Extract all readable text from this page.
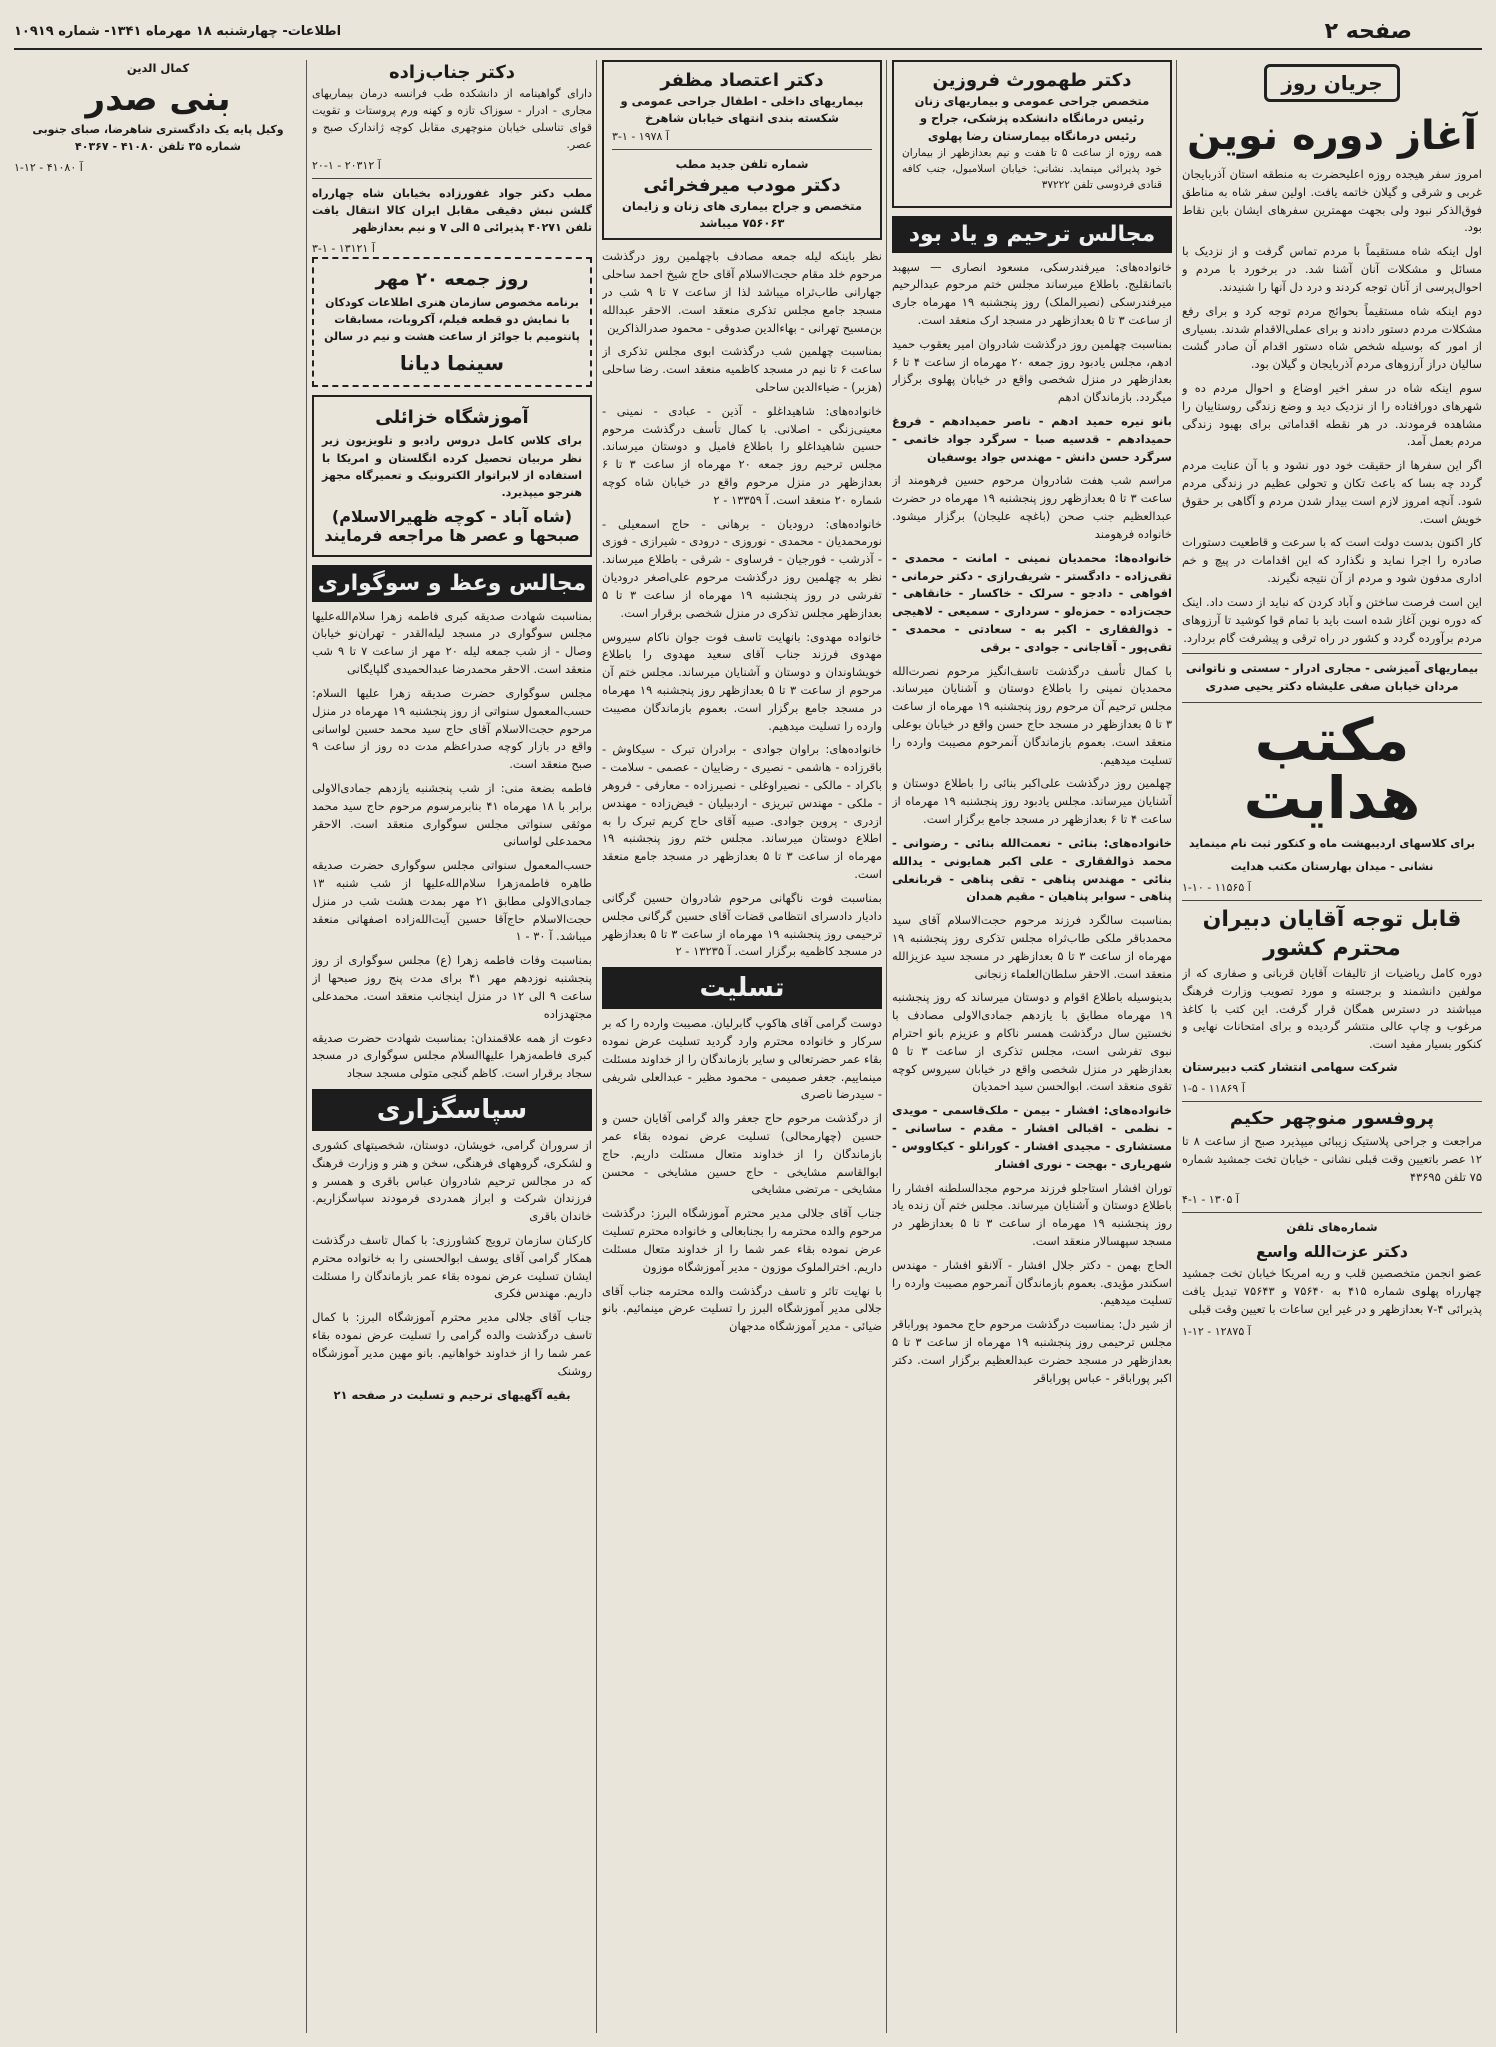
صفحه ۲
اطلاعات- چهارشنبه ۱۸ مهرماه ۱۳۴۱- شماره ۱۰۹۱۹
جریان روز
آغاز دوره نوین

امروز سفر هیجده روزه اعلیحضرت به منطقه استان آذربایجان غربی و شرقی و گیلان خاتمه یافت. اولین سفر شاه به مناطق فوق‌الذکر نبود ولی بجهت مهمترین سفرهای ایشان باین نقاط بود.

اول اینکه شاه مستقیماً با مردم تماس گرفت و از نزدیک با مسائل و مشکلات آنان آشنا شد. در برخورد با مردم و احوال‌پرسی از آنان توجه کردند و درد دل آنها را شنیدند.

دوم اینکه شاه مستقیماً بحوائج مردم توجه کرد و برای رفع مشکلات مردم دستور دادند و برای عملی‌الاقدام شدند. بسیاری از امور که بوسیله شخص شاه دستور اقدام آن صادر گشت سالیان دراز آرزوهای مردم آذربایجان و گیلان بود.

سوم اینکه شاه در سفر اخیر اوضاع و احوال مردم ده و شهرهای دورافتاده را از نزدیک دید و وضع زندگی روستاییان را مشاهده فرمودند. در هر نقطه اقداماتی برای بهبود زندگی مردم بعمل آمد.

اگر این سفرها از حقیقت خود دور نشود و با آن عنایت مردم گردد چه بسا که باعث تکان و تحولی عظیم در زندگی مردم شود. آنچه امروز لازم است بیدار شدن مردم و آگاهی بر حقوق خویش است.

کار اکنون بدست دولت است که با سرعت و قاطعیت دستورات صادره را اجرا نماید و نگذارد که این اقدامات در پیچ و خم اداری مدفون شود و مردم از آن نتیجه نگیرند.

این است فرصت ساختن و آباد کردن که نباید از دست داد. اینک که دوره نوین آغاز شده است باید با تمام قوا کوشید تا آرزوهای مردم برآورده گردد و کشور در راه ترقی و پیشرفت گام بردارد.

بیماریهای آمیزشی - مجاری ادرار - سستی و ناتوانی مردان خیابان صفی علیشاه دکتر یحیی صدری

مکتب هدایت

برای کلاسهای اردیبهشت ماه و کنکور ثبت نام مینماید

نشانی - میدان بهارستان مکتب هدایت

آ ۱۱۵۶۵ - ۱۰-۱
قابل توجه آقایان دبیران
محترم کشور

دوره کامل ریاضیات از تالیفات آقایان قربانی و صفاری که از مولفین دانشمند و برجسته و مورد تصویب وزارت فرهنگ میباشند در دسترس همگان قرار گرفت. این کتب با کاغذ مرغوب و چاپ عالی منتشر گردیده و برای امتحانات نهایی و کنکور بسیار مفید است.

شرکت سهامی انتشار کتب دبیرستان
آ ۱۱۸۶۹ - ۵-۱
پروفسور منوچهر حکیم

مراجعت و جراحی پلاستیک زیبائی میپذیرد صبح از ساعت ۸ تا ۱۲ عصر باتعیین وقت قبلی نشانی - خیابان تخت جمشید شماره ۷۵ تلفن ۴۳۶۹۵

آ ۱۳۰۵ - ۱-۴

شماره‌های تلفن

دکتر عزت‌الله واسع

عضو انجمن متخصصین قلب و ریه امریکا خیابان تخت جمشید چهارراه پهلوی شماره ۴۱۵ به ۷۵۶۴۰ و ۷۵۶۴۳ تبدیل یافت پذیرائی ۴-۷ بعدازظهر و در غیر این ساعات با تعیین وقت قبلی

آ ۱۲۸۷۵ - ۱۲-۱
دکتر طهمورث فروزین
متخصص جراحی عمومی و بیماریهای زنان رئیس درمانگاه دانشکده پزشکی، جراح و رئیس درمانگاه بیمارستان رضا پهلوی

همه روزه از ساعت ۵ تا هفت و نیم بعدازظهر از بیماران خود پذیرائی مینماید. نشانی: خیابان اسلامبول، جنب کافه قنادی فردوسی تلفن ۳۷۲۲۲

مجالس ترحیم و یاد بود

خانواده‌های: میرفندرسکی، مسعود انصاری — سپهبد باتمانقلیج. باطلاع میرساند مجلس ختم مرحوم عبدالرحیم میرفندرسکی (نصیرالملک) روز پنجشنبه ۱۹ مهرماه جاری از ساعت ۳ تا ۵ بعدازظهر در مسجد ارک منعقد است.

بمناسبت چهلمین روز درگذشت شادروان امیر یعقوب حمید ادهم، مجلس یادبود روز جمعه ۲۰ مهرماه از ساعت ۴ تا ۶ بعدازظهر در منزل شخصی واقع در خیابان پهلوی برگزار میگردد. بازماندگان ادهم

بانو نیره حمید ادهم - ناصر حمیدادهم - فروغ حمیدادهم - قدسیه صبا - سرگرد جواد خاتمی - سرگرد حسن دانش - مهندس جواد یوسفیان

مراسم شب هفت شادروان مرحوم حسین فرهومند از ساعت ۳ تا ۵ بعدازظهر روز پنجشنبه ۱۹ مهرماه در حضرت عبدالعظیم جنب صحن (باغچه علیجان) برگزار میشود. خانواده فرهومند

خانواده‌ها: محمدیان نمینی - امانت - محمدی - تقی‌زاده - دادگستر - شریف‌رازی - دکتر حرمانی - افواهی - دادجو - سرلک - خاکسار - خانقاهی - حجت‌زاده - حمزه‌لو - سرداری - سمیعی - لاهیجی - ذوالفقاری - اکبر به - سعادتی - محمدی - تقی‌پور - آقاجانی - جوادی - برقی

با کمال تأسف درگذشت تاسف‌انگیز مرحوم نصرت‌الله محمدیان نمینی را باطلاع دوستان و آشنایان میرساند. مجلس ترحیم آن مرحوم روز پنجشنبه ۱۹ مهرماه از ساعت ۳ تا ۵ بعدازظهر در مسجد حاج حسن واقع در خیابان بوعلی منعقد است. بعموم بازماندگان آنمرحوم مصیبت وارده را تسلیت میدهیم.

چهلمین روز درگذشت علی‌اکبر بنائی را باطلاع دوستان و آشنایان میرساند. مجلس یادبود روز پنجشنبه ۱۹ مهرماه از ساعت ۴ تا ۶ بعدازظهر در مسجد جامع برگزار است.

خانواده‌های: بنائی - نعمت‌الله بنائی - رضوانی - محمد ذوالفقاری - علی اکبر همایونی - یدالله بنائی - مهندس پناهی - تقی پناهی - قربانعلی پناهی - سوابر پناهیان - مقیم همدان

بمناسبت سالگرد فرزند مرحوم حجت‌الاسلام آقای سید محمدباقر ملکی طاب‌ثراه مجلس تذکری روز پنجشنبه ۱۹ مهرماه از ساعت ۳ تا ۵ بعدازظهر در مسجد سید عزیزالله منعقد است. الاحقر سلطان‌العلماء زنجانی

بدینوسیله باطلاع اقوام و دوستان میرساند که روز پنجشنبه ۱۹ مهرماه مطابق با یازدهم جمادی‌الاولی مصادف با نخستین سال درگذشت همسر ناکام و عزیزم بانو احترام نبوی تفرشی است، مجلس تذکری از ساعت ۳ تا ۵ بعدازظهر در منزل شخصی واقع در خیابان سیروس کوچه تقوی منعقد است. ابوالحسن سید احمدیان

خانواده‌های: افشار - بیمن - ملک‌قاسمی - مویدی - نظمی - اقبالی افشار - مقدم - ساسانی - مستشاری - مجیدی افشار - کورانلو - کیکاووس - شهریاری - بهجت - نوری افشار

توران افشار استاجلو فرزند مرحوم مجدالسلطنه افشار را باطلاع دوستان و آشنایان میرساند. مجلس ختم آن زنده یاد روز پنجشنبه ۱۹ مهرماه از ساعت ۳ تا ۵ بعدازظهر در مسجد سپهسالار منعقد است.

الحاج بهمن - دکتر جلال افشار - آلانقو افشار - مهندس اسکندر مؤیدی. بعموم بازماندگان آنمرحوم مصیبت وارده را تسلیت میدهیم.

از شیر دل: بمناسبت درگذشت مرحوم حاج محمود پوراباقر مجلس ترحیمی روز پنجشنبه ۱۹ مهرماه از ساعت ۳ تا ۵ بعدازظهر در مسجد حضرت عبدالعظیم برگزار است. دکتر اکبر پوراباقر - عباس پوراباقر

دکتر اعتصاد مظفر
بیماریهای داخلی - اطفال جراحی عمومی و شکسته بندی انتهای خیابان شاهرخ
آ ۱۹۷۸ - ۱-۳
شماره تلفن جدید مطب
دکتر مودب میرفخرائی
متخصص و جراح بیماری های زنان و زایمان ۷۵۶۰۶۳ میباشد

نظر باینکه لیله جمعه مصادف باچهلمین روز درگذشت مرحوم خلد مقام حجت‌الاسلام آقای حاج شیخ احمد ساحلی جهارانی طاب‌ثراه میباشد لذا از ساعت ۷ تا ۹ شب در مسجد جامع مجلس تذکری منعقد است. الاحقر عبدالله بن‌مسیح تهرانی - بهاءالدین صدوقی - محمود صدرالذاکرین

بمناسبت چهلمین شب درگذشت ابوی مجلس تذکری از ساعت ۶ تا نیم در مسجد کاظمیه منعقد است. رضا ساحلی (هزبر) - ضیاءالدین ساحلی

خانواده‌های: شاهیداغلو - آذین - عبادی - نمینی - معینی‌زنگی - اصلانی. با کمال تأسف درگذشت مرحوم حسین شاهیداغلو را باطلاع فامیل و دوستان میرساند. مجلس ترحیم روز جمعه ۲۰ مهرماه از ساعت ۳ تا ۶ بعدازظهر در منزل مرحوم واقع در خیابان شاه کوچه شماره ۲۰ منعقد است. آ ۱۳۳۵۹ - ۲

خانواده‌های: درودیان - برهانی - حاج اسمعیلی - نورمحمدیان - محمدی - نوروزی - درودی - شیرازی - فوزی - آذرشب - فورجیان - فرساوی - شرقی - باطلاع میرساند. نظر به چهلمین روز درگذشت مرحوم علی‌اصغر درودیان تفرشی در روز پنجشنبه ۱۹ مهرماه از ساعت ۳ تا ۵ بعدازظهر مجلس تذکری در منزل شخصی برقرار است.

خانواده مهدوی: بانهایت تاسف فوت جوان ناکام سیروس مهدوی فرزند جناب آقای سعید مهدوی را باطلاع خویشاوندان و دوستان و آشنایان میرساند. مجلس ختم آن مرحوم از ساعت ۳ تا ۵ بعدازظهر روز پنجشنبه ۱۹ مهرماه در مسجد جامع برگزار است. بعموم بازماندگان مصیبت وارده را تسلیت میدهیم.

خانواده‌های: براوان جوادی - برادران تبرک - سیکاوش - باقرزاده - هاشمی - نصیری - رضاییان - عصمی - سلامت - باکراد - مالکی - نصیراوغلی - نصیرزاده - معارفی - فروهر - ملکی - مهندس تبریزی - اردبیلیان - فیض‌زاده - مهندس ازدری - پروین جوادی. صبیه آقای حاج کریم تبرک را به اطلاع دوستان میرساند. مجلس ختم روز پنجشنبه ۱۹ مهرماه از ساعت ۳ تا ۵ بعدازظهر در مسجد جامع منعقد است.

بمناسبت فوت ناگهانی مرحوم شادروان حسین گرگانی دادیار دادسرای انتظامی قضات آقای حسین گرگانی مجلس ترحیمی روز پنجشنبه ۱۹ مهرماه از ساعت ۳ تا ۵ بعدازظهر در مسجد کاظمیه برگزار است. آ ۱۳۲۳۵ - ۲

تسلیت

دوست گرامی آقای هاکوپ گابرلیان. مصیبت وارده را که بر سرکار و خانواده محترم وارد گردید تسلیت عرض نموده بقاء عمر حضرتعالی و سایر بازماندگان را از خداوند مسئلت مینماییم. جعفر صمیمی - محمود مظیر - عبدالعلی شریفی - سیدرضا ناصری

از درگذشت مرحوم حاج جعفر والد گرامی آقایان حسن و حسین (چهارمحالی) تسلیت عرض نموده بقاء عمر بازماندگان را از خداوند متعال مسئلت داریم. حاج ابوالقاسم مشایخی - حاج حسین مشایخی - محسن مشایخی - مرتضی مشایخی

جناب آقای جلالی مدیر محترم آموزشگاه البرز: درگذشت مرحوم والده محترمه را بجنابعالی و خانواده محترم تسلیت عرض نموده بقاء عمر شما را از خداوند متعال مسئلت داریم. اخترالملوک موزون - مدیر آموزشگاه موزون

با نهایت تاثر و تاسف درگذشت والده محترمه جناب آقای جلالی مدیر آموزشگاه البرز را تسلیت عرض مینمائیم. بانو ضیائی - مدیر آموزشگاه مدجهان

دکتر جناب‌زاده

دارای گواهینامه از دانشکده طب فرانسه درمان بیماریهای مجاری - ادرار - سوزاک تازه و کهنه ورم پروستات و تقویت قوای تناسلی خیابان منوچهری مقابل کوچه ژاندارک صبح و عصر.

آ ۲۰۳۱۲ - ۱-۲۰

مطب دکتر جواد غفورزاده بخیابان شاه چهارراه گلشن نبش دقیقی مقابل ایران کالا انتقال یافت تلفن ۴۰۲۷۱ پذیرائی ۵ الی ۷ و نیم بعدازظهر

آ ۱۳۱۲۱ - ۱-۳
روز جمعه ۲۰ مهر

برنامه مخصوص سازمان هنری اطلاعات کودکان با نمایش دو قطعه فیلم، آکروبات، مسابقات پانتومیم با جوائز از ساعت هشت و نیم در سالن

سینما دیانا
آموزشگاه خزائلی

برای کلاس کامل دروس رادیو و تلویزیون زیر نظر مربیان تحصیل کرده انگلستان و امریکا با استفاده از لابراتوار الکترونیک و تعمیرگاه مجهز هنرجو میپذیرد.

(شاه آباد - کوچه ظهیرالاسلام) صبحها و عصر ها مراجعه فرمایند
مجالس وعظ و سوگواری

بمناسبت شهادت صدیقه کبری فاطمه زهرا سلام‌الله‌علیها مجلس سوگواری در مسجد لیله‌القدر - تهران‌نو خیابان وصال - از شب جمعه لیله ۲۰ مهر از ساعت ۷ تا ۹ شب منعقد است. الاحقر محمدرضا عبدالحمیدی گلپایگانی

مجلس سوگواری حضرت صدیقه زهرا علیها السلام: حسب‌المعمول سنواتی از روز پنجشنبه ۱۹ مهرماه در منزل مرحوم حجت‌الاسلام آقای حاج سید محمد حسین لواسانی واقع در بازار کوچه صدراعظم مدت ده روز از ساعت ۹ صبح منعقد است.

فاطمه بضعة منی: از شب پنجشنبه یازدهم جمادی‌الاولی برابر با ۱۸ مهرماه ۴۱ بنابرمرسوم مرحوم حاج سید محمد موثقی سنواتی مجلس سوگواری منعقد است. الاحقر محمدعلی لواسانی

حسب‌المعمول سنواتی مجلس سوگواری حضرت صدیقه طاهره فاطمه‌زهرا سلام‌الله‌علیها از شب شنبه ۱۳ جمادی‌الاولی مطابق ۲۱ مهر بمدت هشت شب در منزل حجت‌الاسلام حاج‌آقا حسین آیت‌الله‌زاده اصفهانی منعقد میباشد. آ ۳۰ - ۱

بمناسبت وفات فاطمه زهرا (ع) مجلس سوگواری از روز پنجشنبه نوزدهم مهر ۴۱ برای مدت پنج روز صبحها از ساعت ۹ الی ۱۲ در منزل اینجانب منعقد است. محمدعلی مجتهدزاده

دعوت از همه علاقمندان: بمناسبت شهادت حضرت صدیقه کبری فاطمه‌زهرا علیهاالسلام مجلس سوگواری در مسجد سجاد برقرار است. کاظم گنجی متولی مسجد سجاد

سپاسگزاری

از سروران گرامی، خویشان، دوستان، شخصیتهای کشوری و لشکری، گروههای فرهنگی، سخن و هنر و وزارت فرهنگ که در مجالس ترحیم شادروان عباس باقری و همسر و فرزندان شرکت و ابراز همدردی فرمودند سپاسگزاریم. خاندان باقری

کارکنان سازمان ترویج کشاورزی: با کمال تاسف درگذشت همکار گرامی آقای یوسف ابوالحسنی را به خانواده محترم ایشان تسلیت عرض نموده بقاء عمر بازماندگان را مسئلت داریم. مهندس فکری

جناب آقای جلالی مدیر محترم آموزشگاه البرز: با کمال تاسف درگذشت والده گرامی را تسلیت عرض نموده بقاء عمر شما را از خداوند خواهانیم. بانو مهین مدیر آموزشگاه روشنک

بقیه آگهیهای ترحیم و تسلیت در صفحه ۲۱

کمال الدین
بنی صدر

وکیل پایه یک دادگستری شاهرضا، صبای جنوبی شماره ۳۵ تلفن ۴۱۰۸۰ - ۴۰۳۶۷

آ ۴۱۰۸۰ - ۱۲-۱
